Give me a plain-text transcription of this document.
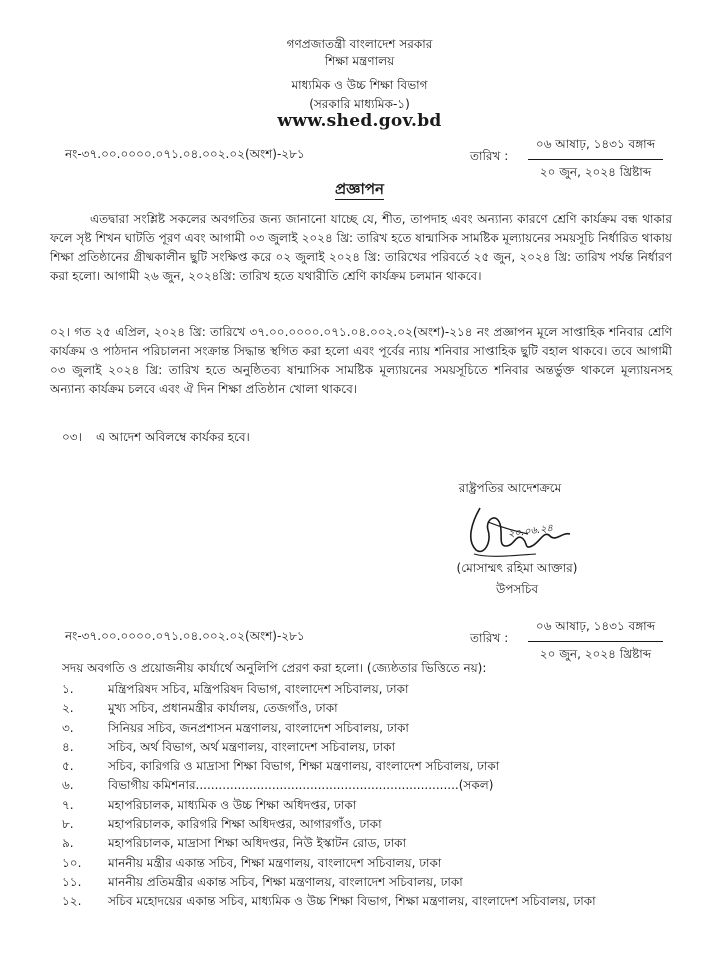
গণপ্রজাতন্ত্রী বাংলাদেশ সরকার
শিক্ষা মন্ত্রণালয়
মাধ্যমিক ও উচ্চ শিক্ষা বিভাগ
(সরকারি মাধ্যমিক-১)
www.shed.gov.bd
নং-৩৭.০০.০০০০.০৭১.০৪.০০২.০২(অংশ)-২৮১	তারিখ :
০৬ আষাঢ়, ১৪৩১ বঙ্গাব্দ
২০ জুন, ২০২৪ খ্রিষ্টাব্দ
প্রজ্ঞাপন
এতদ্বারা সংশ্লিষ্ট সকলের অবগতির জন্য জানানো যাচ্ছে যে, শীত, তাপদাহ এবং অন্যান্য কারণে শ্রেণি কার্যক্রম বন্ধ থাকার ফলে সৃষ্ট শিখন ঘাটতি পূরণ এবং আগামী ০৩ জুলাই ২০২৪ খ্রি: তারিখ হতে ষান্মাসিক সামষ্টিক মূল্যায়নের সময়সূচি নির্ধারিত থাকায় শিক্ষা প্রতিষ্ঠানের গ্রীষ্মকালীন ছুটি সংক্ষিপ্ত করে ০২ জুলাই ২০২৪ খ্রি: তারিখের পরিবর্তে ২৫ জুন, ২০২৪ খ্রি: তারিখ পর্যন্ত নির্ধারণ করা হলো। আগামী ২৬ জুন, ২০২৪খ্রি: তারিখ হতে যথারীতি শ্রেণি কার্যক্রম চলমান থাকবে।
০২। গত ২৫ এপ্রিল, ২০২৪ খ্রি: তারিখে ৩৭.০০.০০০০.০৭১.০৪.০০২.০২(অংশ)-২১৪ নং প্রজ্ঞাপন মূলে সাপ্তাহিক শনিবার শ্রেণি কার্যক্রম ও পাঠদান পরিচালনা সংক্রান্ত সিদ্ধান্ত স্থগিত করা হলো এবং পূর্বের ন্যায় শনিবার সাপ্তাহিক ছুটি বহাল থাকবে। তবে আগামী ০৩ জুলাই ২০২৪ খ্রি: তারিখ হতে অনুষ্ঠিতব্য ষান্মাসিক সামষ্টিক মূল্যায়নের সময়সূচিতে শনিবার অন্তর্ভুক্ত থাকলে মূল্যায়নসহ অন্যান্য কার্যক্রম চলবে এবং ঐ দিন শিক্ষা প্রতিষ্ঠান খোলা থাকবে।
০৩। এ আদেশ অবিলম্বে কার্যকর হবে।
রাষ্ট্রপতির আদেশক্রমে
২০.০৬.২৪
(মোসাম্মৎ রহিমা আক্তার)
উপসচিব
নং-৩৭.০০.০০০০.০৭১.০৪.০০২.০২(অংশ)-২৮১	তারিখ :
০৬ আষাঢ়, ১৪৩১ বঙ্গাব্দ
২০ জুন, ২০২৪ খ্রিষ্টাব্দ
সদয় অবগতি ও প্রয়োজনীয় কার্যার্থে অনুলিপি প্রেরণ করা হলো। (জ্যেষ্ঠতার ভিত্তিতে নয়):
১.	মন্ত্রিপরিষদ সচিব, মন্ত্রিপরিষদ বিভাগ, বাংলাদেশ সচিবালয়, ঢাকা
২.	মুখ্য সচিব, প্রধানমন্ত্রীর কার্যালয়, তেজগাঁও, ঢাকা
৩.	সিনিয়র সচিব, জনপ্রশাসন মন্ত্রণালয়, বাংলাদেশ সচিবালয়, ঢাকা
৪.	সচিব, অর্থ বিভাগ, অর্থ মন্ত্রণালয়, বাংলাদেশ সচিবালয়, ঢাকা
৫.	সচিব, কারিগরি ও মাদ্রাসা শিক্ষা বিভাগ, শিক্ষা মন্ত্রণালয়, বাংলাদেশ সচিবালয়, ঢাকা
৬.	বিভাগীয় কমিশনার.....................................................................(সকল)
৭.	মহাপরিচালক, মাধ্যমিক ও উচ্চ শিক্ষা অধিদপ্তর, ঢাকা
৮.	মহাপরিচালক, কারিগরি শিক্ষা অধিদপ্তর, আগারগাঁও, ঢাকা
৯.	মহাপরিচালক, মাদ্রাসা শিক্ষা অধিদপ্তর, নিউ ইস্কাটন রোড, ঢাকা
১০.	মাননীয় মন্ত্রীর একান্ত সচিব, শিক্ষা মন্ত্রণালয়, বাংলাদেশ সচিবালয়, ঢাকা
১১.	মাননীয় প্রতিমন্ত্রীর একান্ত সচিব, শিক্ষা মন্ত্রণালয়, বাংলাদেশ সচিবালয়, ঢাকা
১২.	সচিব মহোদয়ের একান্ত সচিব, মাধ্যমিক ও উচ্চ শিক্ষা বিভাগ, শিক্ষা মন্ত্রণালয়, বাংলাদেশ সচিবালয়, ঢাকা
